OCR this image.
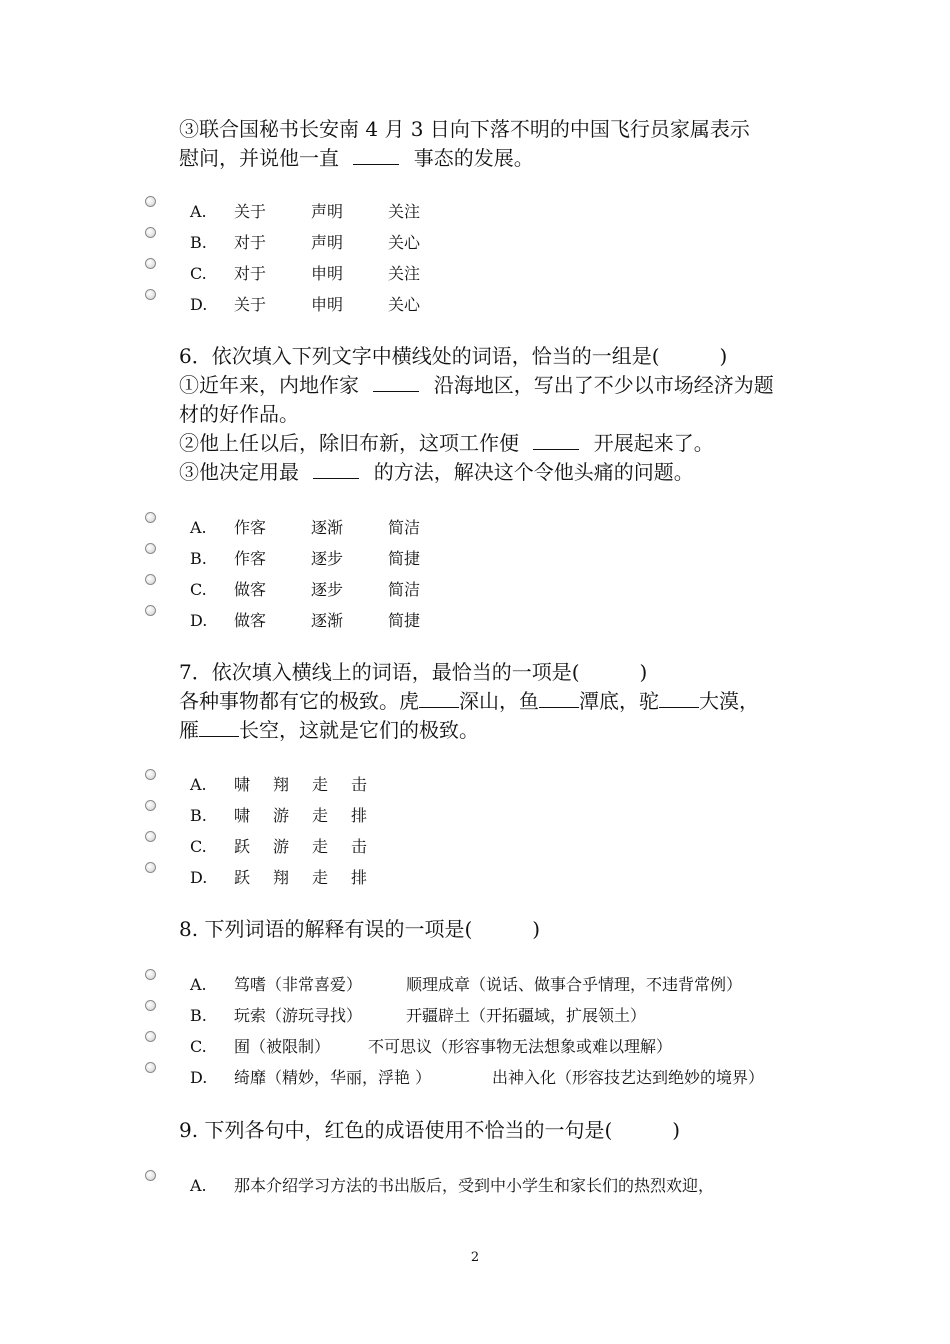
③联合国秘书长安南 4 月 3 日向下落不明的中国飞行员家属表示
慰问，并说他一直	事态的发展。
A. 关于	声明	关注
B. 对于	声明	关心
C. 对于	申明	关注
D. 关于	申明	关心
6．依次填入下列文字中横线处的词语，恰当的一组是(　　　)
①近年来，内地作家	沿海地区，写出了不少以市场经济为题
材的好作品。
②他上任以后，除旧布新，这项工作便	开展起来了。
③他决定用最	的方法，解决这个令他头痛的问题。
A. 作客	逐渐	简洁
B. 作客	逐步	简捷
C. 做客	逐步	简洁
D. 做客	逐渐	简捷
7．依次填入横线上的词语，最恰当的一项是(　　　)
各种事物都有它的极致。虎 深山，鱼 潭底，驼 大漠，
雁 长空，这就是它们的极致。
A. 啸 翔 走 击
B. 啸 游 走 排
C. 跃 游 走 击
D. 跃 翔 走 排
8. 下列词语的解释有误的一项是(　　　)
A. 笃嗜（非常喜爱）	顺理成章（说话、做事合乎情理，不违背常例）
B. 玩索（游玩寻找）	开疆辟土（开拓疆域，扩展领土）
C. 囿（被限制） 不可思议（形容事物无法想象或难以理解）
D. 绮靡（精妙，华丽，浮艳 ）	出神入化（形容技艺达到绝妙的境界）
9. 下列各句中，红色的成语使用不恰当的一句是(　　　)
A. 那本介绍学习方法的书出版后，受到中小学生和家长们的热烈欢迎，
2
